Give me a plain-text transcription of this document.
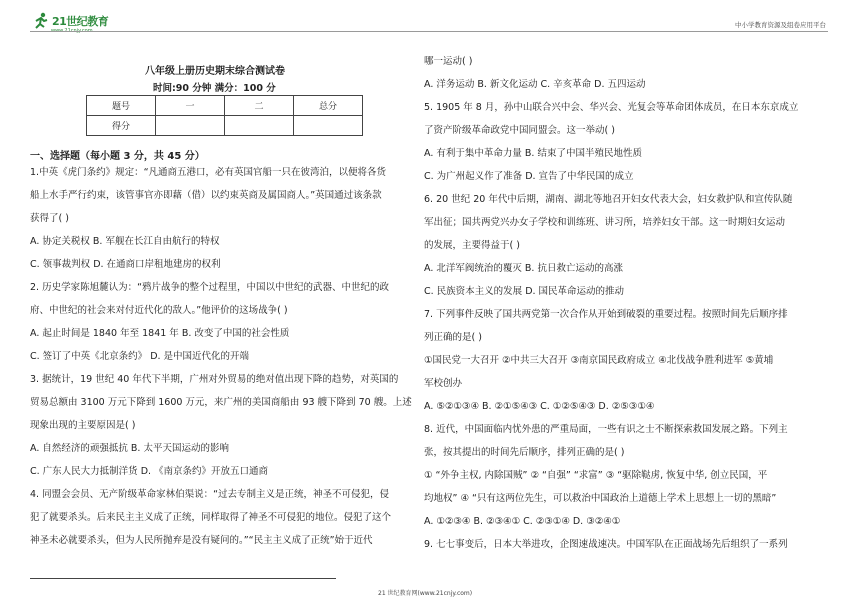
21世纪教育	中小学教育资源及组卷应用平台
八年级上册历史期末综合测试卷
时间:90 分钟 满分：100 分
题号	一	二	总分
得分			
一、选择题（每小题 3 分，共 45 分）
1.中英《虎门条约》规定：“凡通商五港口，必有英国官船一只在彼湾泊，以便将各货
船上水手严行约束，该管事官亦即藉（借）以约束英商及属国商人。”英国通过该条款
获得了( )
A. 协定关税权 B. 军舰在长江自由航行的特权
C. 领事裁判权 D. 在通商口岸租地建房的权利
2. 历史学家陈旭麓认为：“鸦片战争的整个过程里，中国以中世纪的武器、中世纪的政
府、中世纪的社会来对付近代化的敌人。”他评价的这场战争( )
A. 起止时间是 1840 年至 1841 年 B. 改变了中国的社会性质
C. 签订了中英《北京条约》 D. 是中国近代化的开端
3. 据统计，19 世纪 40 年代下半期，广州对外贸易的绝对值出现下降的趋势，对英国的
贸易总额由 3100 万元下降到 1600 万元，来广州的美国商船由 93 艘下降到 70 艘。上述
现象出现的主要原因是( )
A. 自然经济的顽强抵抗 B. 太平天国运动的影响
C. 广东人民大力抵制洋货 D. 《南京条约》开放五口通商
4. 同盟会会员、无产阶级革命家林伯渠说：“过去专制主义是正统，神圣不可侵犯，侵
犯了就要杀头。后来民主主义成了正统，同样取得了神圣不可侵犯的地位。侵犯了这个
神圣未必就要杀头，但为人民所抛弃是没有疑问的。”“民主主义成了正统”始于近代
哪一运动( )
A. 洋务运动 B. 新文化运动 C. 辛亥革命 D. 五四运动
5. 1905 年 8 月，孙中山联合兴中会、华兴会、光复会等革命团体成员，在日本东京成立
了资产阶级革命政党中国同盟会。这一举动( )
A. 有利于集中革命力量 B. 结束了中国半殖民地性质
C. 为广州起义作了准备 D. 宣告了中华民国的成立
6. 20 世纪 20 年代中后期，湖南、湖北等地召开妇女代表大会，妇女救护队和宣传队随
军出征；国共两党兴办女子学校和训练班、讲习所，培养妇女干部。这一时期妇女运动
的发展，主要得益于( )
A. 北洋军阀统治的覆灭 B. 抗日救亡运动的高涨
C. 民族资本主义的发展 D. 国民革命运动的推动
7. 下列事件反映了国共两党第一次合作从开始到破裂的重要过程。按照时间先后顺序排
列正确的是( )
①国民党一大召开 ②中共三大召开 ③南京国民政府成立 ④北伐战争胜利进军 ⑤黄埔
军校创办
A. ⑤②①③④ B. ②①⑤④③ C. ①②⑤④③ D. ②⑤③①④
8. 近代，中国面临内忧外患的严重局面，一些有识之士不断探索救国发展之路。下列主
张，按其提出的时间先后顺序，排列正确的是( )
① “外争主权, 内除国贼” ② “自强” “求富” ③ “驱除鞑虏, 恢复中华, 创立民国，平
均地权” ④ “只有这两位先生，可以救治中国政治上道德上学术上思想上一切的黑暗”
A. ①②③④ B. ②③④① C. ②③①④ D. ③②④①
9. 七七事变后，日本大举进攻，企图速战速决。中国军队在正面战场先后组织了一系列
21 世纪教育网(www.21cnjy.com)
